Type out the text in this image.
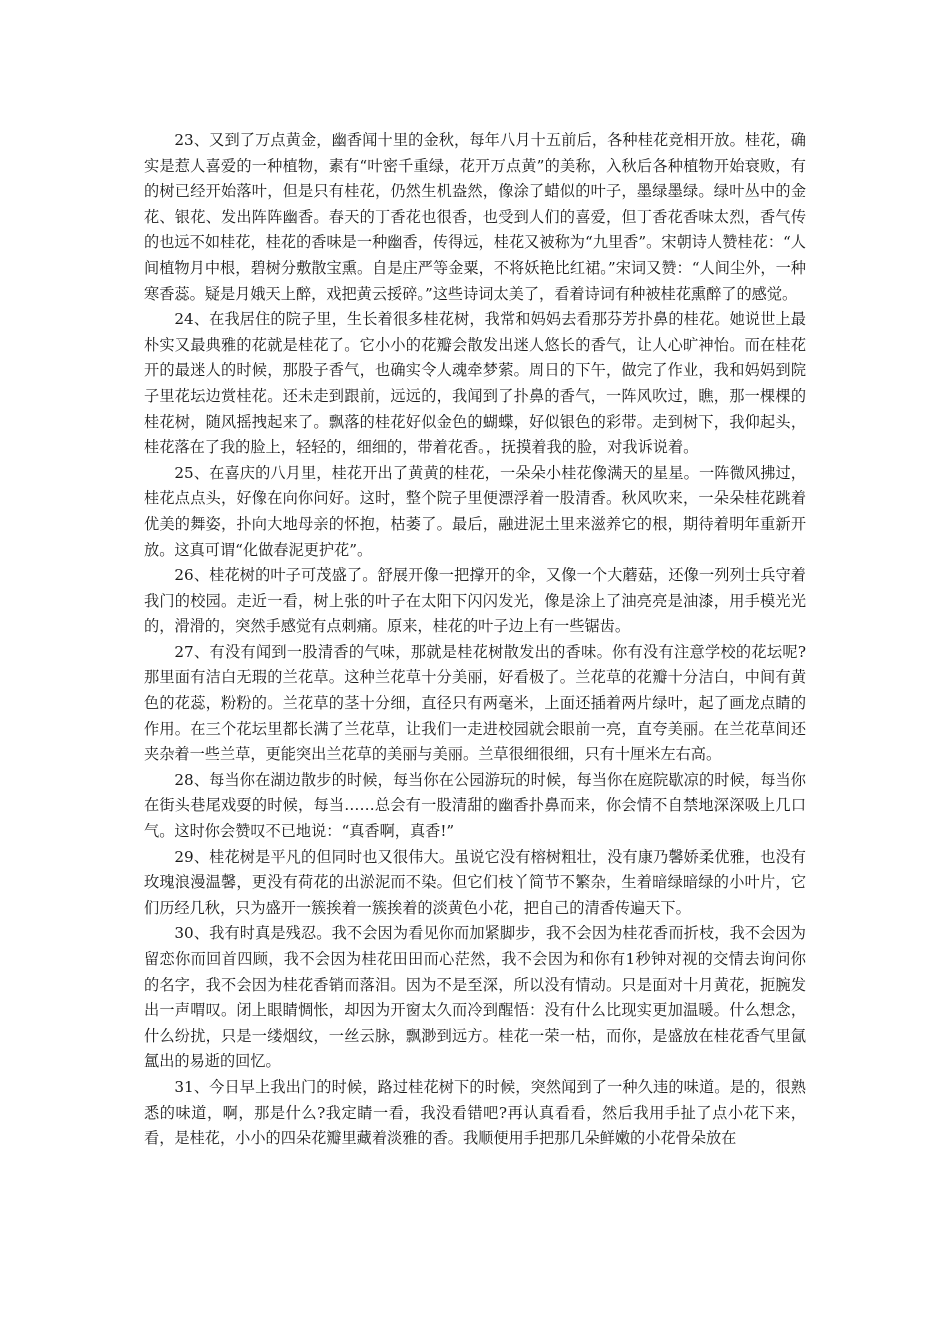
23、又到了万点黄金，幽香闻十里的金秋，每年八月十五前后，各种桂花竞相开放。桂花，确实是惹人喜爱的一种植物，素有“叶密千重绿，花开万点黄”的美称，入秋后各种植物开始衰败，有的树已经开始落叶，但是只有桂花，仍然生机盎然，像涂了蜡似的叶子，墨绿墨绿。绿叶丛中的金花、银花、发出阵阵幽香。春天的丁香花也很香，也受到人们的喜爱，但丁香花香味太烈，香气传的也远不如桂花，桂花的香味是一种幽香，传得远，桂花又被称为“九里香”。宋朝诗人赞桂花：“人间植物月中根，碧树分敷散宝熏。自是庄严等金粟，不将妖艳比红裙。”宋词又赞：“人间尘外，一种寒香蕊。疑是月娥天上醉，戏把黄云挼碎。”这些诗词太美了，看着诗词有种被桂花熏醉了的感觉。

24、在我居住的院子里，生长着很多桂花树，我常和妈妈去看那芬芳扑鼻的桂花。她说世上最朴实又最典雅的花就是桂花了。它小小的花瓣会散发出迷人悠长的香气，让人心旷神怡。而在桂花开的最迷人的时候，那股子香气，也确实令人魂牵梦萦。周日的下午，做完了作业，我和妈妈到院子里花坛边赏桂花。还未走到跟前，远远的，我闻到了扑鼻的香气，一阵风吹过，瞧，那一棵棵的桂花树，随风摇拽起来了。飘落的桂花好似金色的蝴蝶，好似银色的彩带。走到树下，我仰起头，桂花落在了我的脸上，轻轻的，细细的，带着花香。，抚摸着我的脸，对我诉说着。

25、在喜庆的八月里，桂花开出了黄黄的桂花，一朵朵小桂花像满天的星星。一阵微风拂过，桂花点点头，好像在向你问好。这时，整个院子里便漂浮着一股清香。秋风吹来，一朵朵桂花跳着优美的舞姿，扑向大地母亲的怀抱，枯萎了。最后，融进泥土里来滋养它的根，期待着明年重新开放。这真可谓“化做春泥更护花”。

26、桂花树的叶子可茂盛了。舒展开像一把撑开的伞，又像一个大蘑菇，还像一列列士兵守着我门的校园。走近一看，树上张的叶子在太阳下闪闪发光，像是涂上了油亮亮是油漆，用手模光光的，滑滑的，突然手感觉有点刺痛。原来，桂花的叶子边上有一些锯齿。

27、有没有闻到一股清香的气味，那就是桂花树散发出的香味。你有没有注意学校的花坛呢?那里面有洁白无瑕的兰花草。这种兰花草十分美丽，好看极了。兰花草的花瓣十分洁白，中间有黄色的花蕊，粉粉的。兰花草的茎十分细，直径只有两毫米，上面还插着两片绿叶，起了画龙点睛的作用。在三个花坛里都长满了兰花草，让我们一走进校园就会眼前一亮，直夸美丽。在兰花草间还夹杂着一些兰草，更能突出兰花草的美丽与美丽。兰草很细很细，只有十厘米左右高。

28、每当你在湖边散步的时候，每当你在公园游玩的时候，每当你在庭院歇凉的时候，每当你在街头巷尾戏耍的时候，每当……总会有一股清甜的幽香扑鼻而来，你会情不自禁地深深吸上几口气。这时你会赞叹不已地说：“真香啊，真香!”

29、桂花树是平凡的但同时也又很伟大。虽说它没有榕树粗壮，没有康乃馨娇柔优雅，也没有玫瑰浪漫温馨，更没有荷花的出淤泥而不染。但它们枝丫简节不繁杂，生着暗绿暗绿的小叶片，它们历经几秋，只为盛开一簇挨着一簇挨着的淡黄色小花，把自己的清香传遍天下。

30、我有时真是残忍。我不会因为看见你而加紧脚步，我不会因为桂花香而折枝，我不会因为留恋你而回首四顾，我不会因为桂花田田而心茫然，我不会因为和你有1秒钟对视的交情去询问你的名字，我不会因为桂花香销而落泪。因为不是至深，所以没有情动。只是面对十月黄花，扼腕发出一声喟叹。闭上眼睛惆怅，却因为开窗太久而冷到醒悟：没有什么比现实更加温暖。什么想念，什么纷扰，只是一缕烟纹，一丝云脉，飘渺到远方。桂花一荣一枯，而你，是盛放在桂花香气里氤氲出的易逝的回忆。

31、今日早上我出门的时候，路过桂花树下的时候，突然闻到了一种久违的味道。是的，很熟悉的味道，啊，那是什么?我定睛一看，我没看错吧?再认真看看，然后我用手扯了点小花下来，看，是桂花，小小的四朵花瓣里藏着淡雅的香。我顺便用手把那几朵鲜嫩的小花骨朵放在
